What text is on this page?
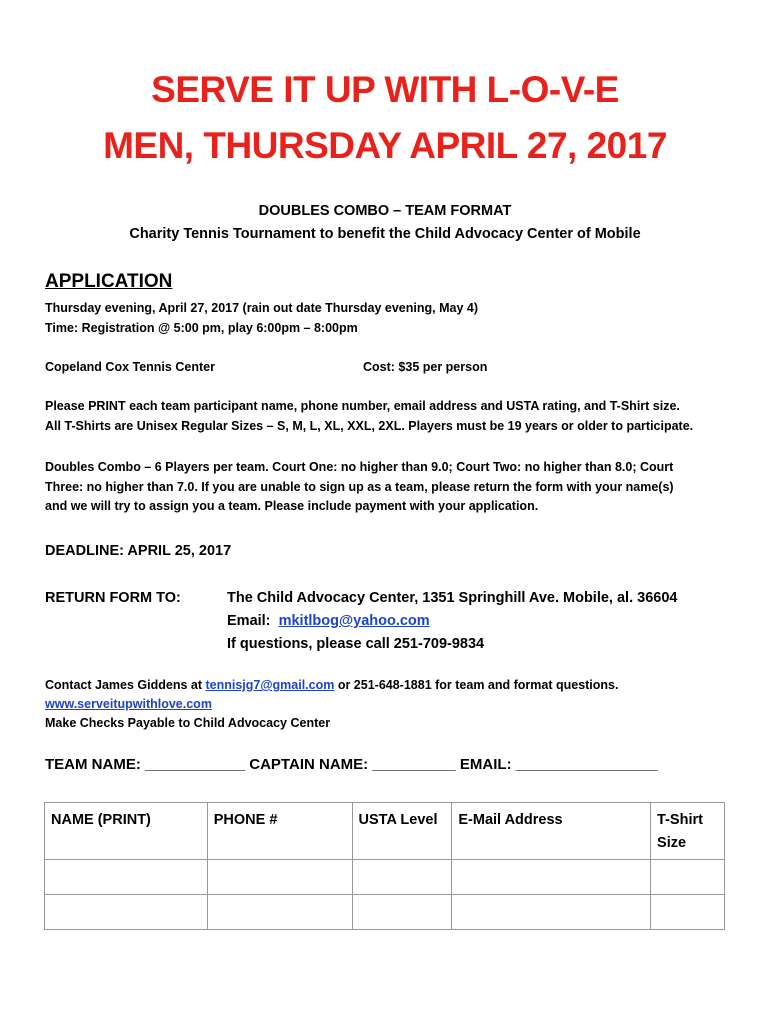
SERVE IT UP WITH L-O-V-E
MEN, THURSDAY APRIL 27, 2017
DOUBLES COMBO – TEAM FORMAT
Charity Tennis Tournament to benefit the Child Advocacy Center of Mobile
APPLICATION
Thursday evening, April 27, 2017 (rain out date Thursday evening, May 4)
Time: Registration @ 5:00 pm, play 6:00pm – 8:00pm
Copeland Cox Tennis Center	Cost: $35 per person
Please PRINT each team participant name, phone number, email address and USTA rating, and T-Shirt size.
All T-Shirts are Unisex Regular Sizes – S, M, L, XL, XXL, 2XL. Players must be 19 years or older to participate.
Doubles Combo – 6 Players per team. Court One: no higher than 9.0; Court Two: no higher than 8.0; Court
Three: no higher than 7.0. If you are unable to sign up as a team, please return the form with your name(s)
and we will try to assign you a team. Please include payment with your application.
DEADLINE: APRIL 25, 2017
RETURN FORM TO:	The Child Advocacy Center, 1351 Springhill Ave. Mobile, al. 36604
Email: mkitlbog@yahoo.com
If questions, please call 251-709-9834
Contact James Giddens at tennisjg7@gmail.com or 251-648-1881 for team and format questions.
www.serveitupwithlove.com
Make Checks Payable to Child Advocacy Center
TEAM NAME: ____________ CAPTAIN NAME: __________ EMAIL: _________________
NAME (PRINT)	PHONE #	USTA Level	E-Mail Address	T-Shirt Size
